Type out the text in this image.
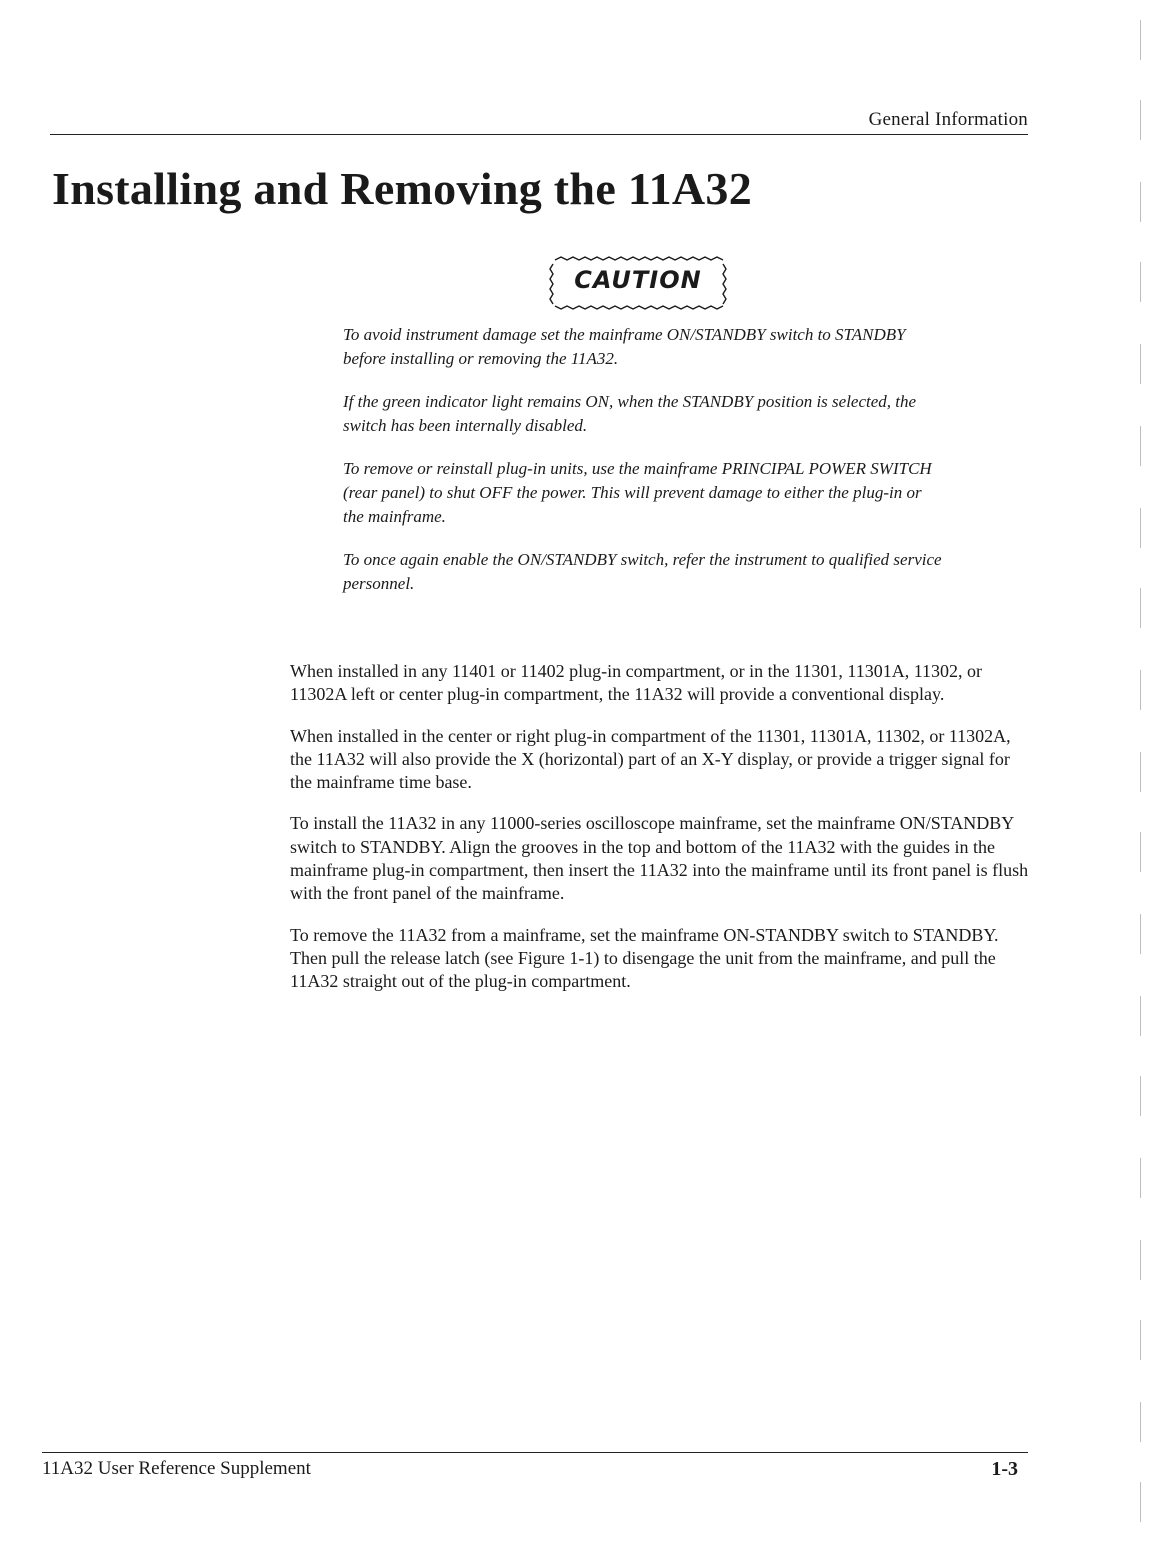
General Information
Installing and Removing the 11A32
CAUTION

To avoid instrument damage set the mainframe ON/STANDBY switch to STANDBY before installing or removing the 11A32.

If the green indicator light remains ON, when the STANDBY position is selected, the switch has been internally disabled.

To remove or reinstall plug-in units, use the mainframe PRINCIPAL POWER SWITCH (rear panel) to shut OFF the power. This will prevent damage to either the plug-in or the mainframe.

To once again enable the ON/STANDBY switch, refer the instrument to qualified service personnel.

When installed in any 11401 or 11402 plug-in compartment, or in the 11301, 11301A, 11302, or 11302A left or center plug-in compartment, the 11A32 will provide a conventional display.

When installed in the center or right plug-in compartment of the 11301, 11301A, 11302, or 11302A, the 11A32 will also provide the X (horizontal) part of an X-Y display, or provide a trigger signal for the mainframe time base.

To install the 11A32 in any 11000-series oscilloscope mainframe, set the mainframe ON/STANDBY switch to STANDBY. Align the grooves in the top and bottom of the 11A32 with the guides in the mainframe plug-in compartment, then insert the 11A32 into the mainframe until its front panel is flush with the front panel of the mainframe.

To remove the 11A32 from a mainframe, set the mainframe ON-STANDBY switch to STANDBY. Then pull the release latch (see Figure 1-1) to disengage the unit from the mainframe, and pull the 11A32 straight out of the plug-in compartment.

11A32 User Reference Supplement	1-3
